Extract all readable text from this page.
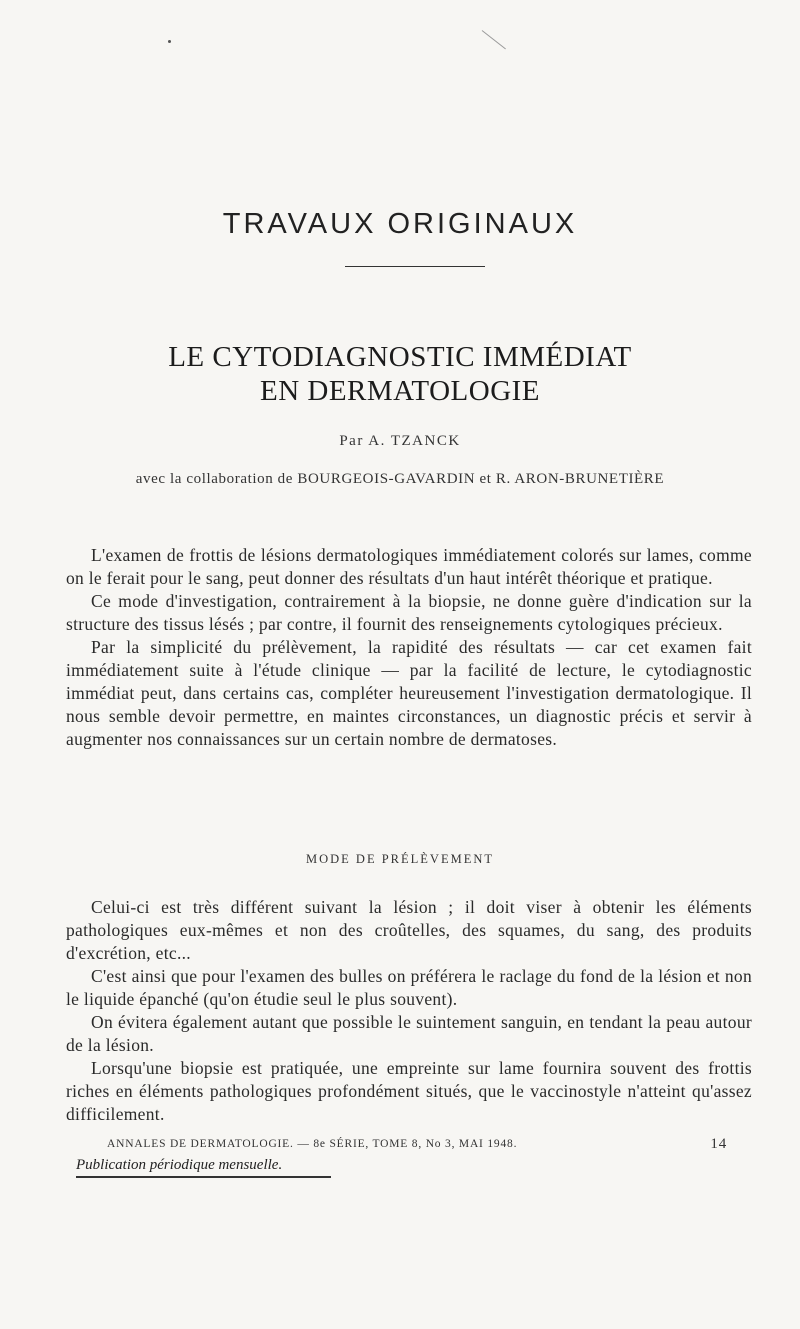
TRAVAUX ORIGINAUX
LE CYTODIAGNOSTIC IMMÉDIAT
EN DERMATOLOGIE
Par A. TZANCK
avec la collaboration de BOURGEOIS-GAVARDIN et R. ARON-BRUNETIÈRE

L'examen de frottis de lésions dermatologiques immédiatement colorés sur lames, comme on le ferait pour le sang, peut donner des résultats d'un haut intérêt théorique et pratique.

Ce mode d'investigation, contrairement à la biopsie, ne donne guère d'indication sur la structure des tissus lésés ; par contre, il fournit des renseignements cytologiques précieux.

Par la simplicité du prélèvement, la rapidité des résultats — car cet examen fait immédiatement suite à l'étude clinique — par la facilité de lecture, le cytodiagnostic immédiat peut, dans certains cas, compléter heureusement l'investigation dermatologique. Il nous semble devoir permettre, en maintes circonstances, un diagnostic précis et servir à augmenter nos connaissances sur un certain nombre de dermatoses.

MODE DE PRÉLÈVEMENT

Celui-ci est très différent suivant la lésion ; il doit viser à obtenir les éléments pathologiques eux-mêmes et non des croûtelles, des squames, du sang, des produits d'excrétion, etc...

C'est ainsi que pour l'examen des bulles on préférera le raclage du fond de la lésion et non le liquide épanché (qu'on étudie seul le plus souvent).

On évitera également autant que possible le suintement sanguin, en tendant la peau autour de la lésion.

Lorsqu'une biopsie est pratiquée, une empreinte sur lame fournira souvent des frottis riches en éléments pathologiques profondément situés, que le vaccinostyle n'atteint qu'assez difficilement.

ANNALES DE DERMATOLOGIE. — 8e SÉRIE, TOME 8, No 3, MAI 1948.	14
Publication périodique mensuelle.
